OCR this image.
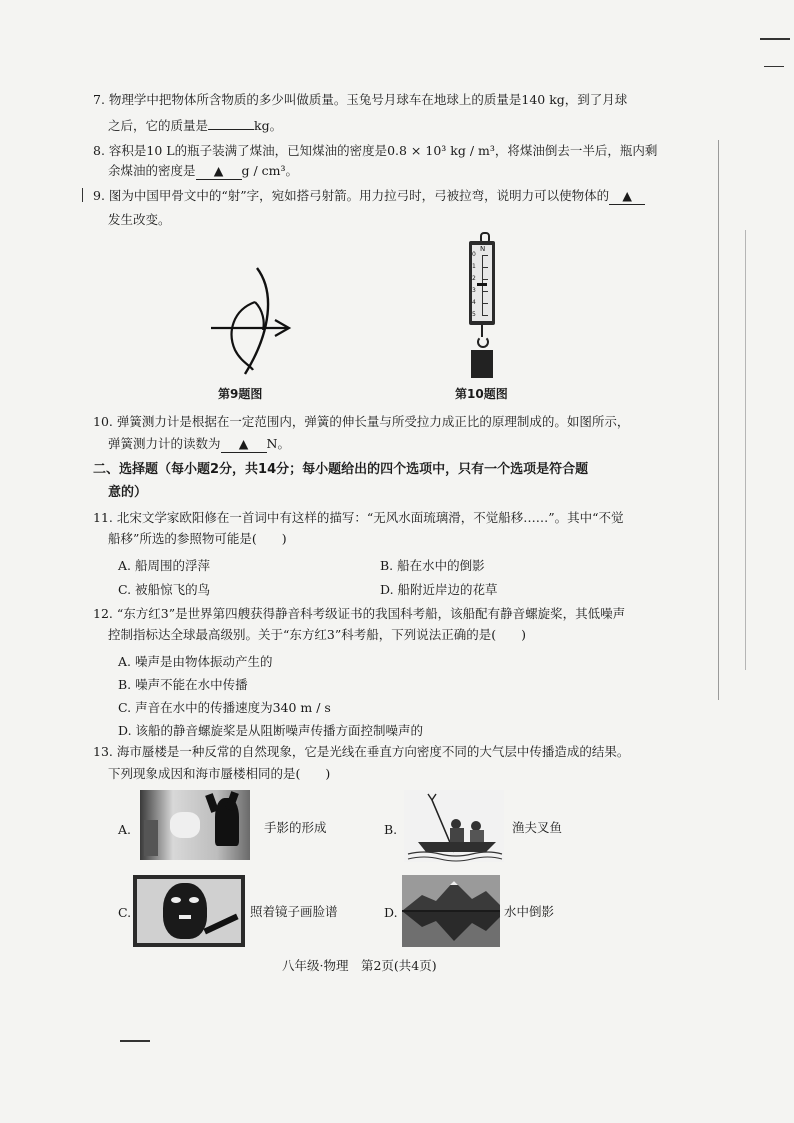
7. 物理学中把物体所含物质的多少叫做质量。玉兔号月球车在地球上的质量是140 kg，到了月球
之后，它的质量是	kg。
8. 容积是10 L的瓶子装满了煤油，已知煤油的密度是0.8 × 10³ kg / m³，将煤油倒去一半后，瓶内剩
余煤油的密度是 ▲ g / cm³。
9. 图为中国甲骨文中的“射”字，宛如搭弓射箭。用力拉弓时，弓被拉弯，说明力可以使物体的 ▲
发生改变。
第9题图
N
0
1
2
3
4
5
第10题图
10. 弹簧测力计是根据在一定范围内，弹簧的伸长量与所受拉力成正比的原理制成的。如图所示，
弹簧测力计的读数为 ▲ N。
二、选择题（每小题2分，共14分；每小题给出的四个选项中，只有一个选项是符合题
意的）
11. 北宋文学家欧阳修在一首词中有这样的描写：“无风水面琉璃滑，不觉船移……”。其中“不觉
船移”所选的参照物可能是(　　)
A. 船周围的浮萍	B. 船在水中的倒影
C. 被船惊飞的鸟	D. 船附近岸边的花草
12. “东方红3”是世界第四艘获得静音科考级证书的我国科考船，该船配有静音螺旋桨，其低噪声
控制指标达全球最高级别。关于“东方红3”科考船，下列说法正确的是(　　)
A. 噪声是由物体振动产生的
B. 噪声不能在水中传播
C. 声音在水中的传播速度为340 m / s
D. 该船的静音螺旋桨是从阻断噪声传播方面控制噪声的
13. 海市蜃楼是一种反常的自然现象，它是光线在垂直方向密度不同的大气层中传播造成的结果。
下列现象成因和海市蜃楼相同的是(　　)
A.	手影的形成	B.	渔夫叉鱼
C.	照着镜子画脸谱	D.	水中倒影
八年级·物理　第2页(共4页)
